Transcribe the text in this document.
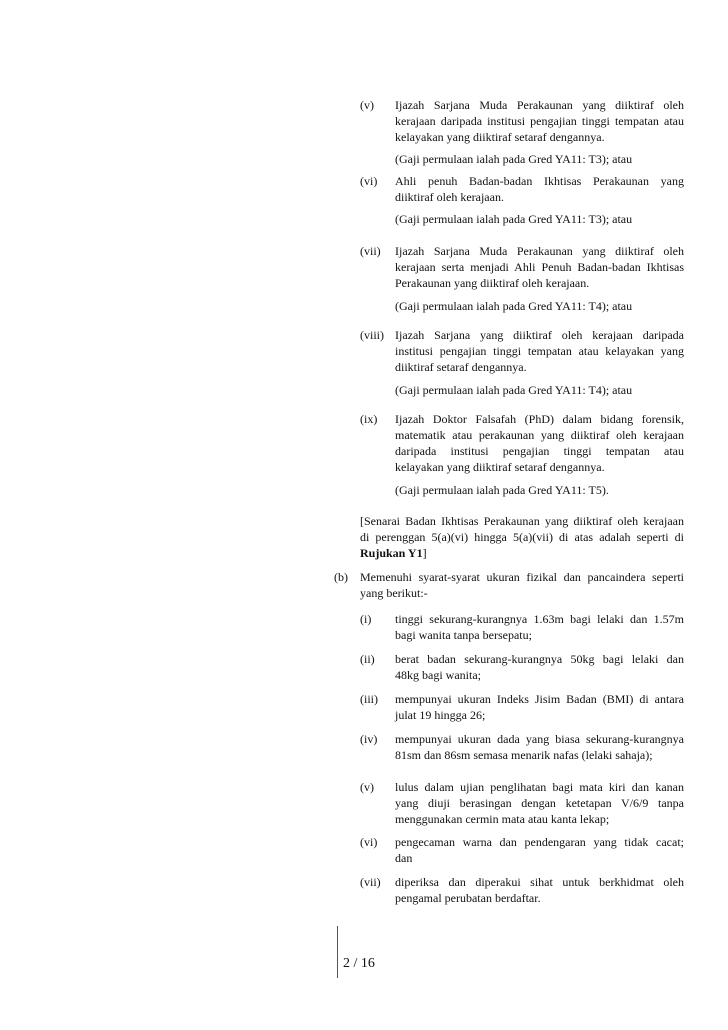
(v) Ijazah Sarjana Muda Perakaunan yang diiktiraf oleh
kerajaan daripada institusi pengajian tinggi tempatan atau
kelayakan yang diiktiraf setaraf dengannya.
(Gaji permulaan ialah pada Gred YA11: T3); atau
(vi) Ahli penuh Badan-badan Ikhtisas Perakaunan yang
diiktiraf oleh kerajaan.
(Gaji permulaan ialah pada Gred YA11: T3); atau
(vii) Ijazah Sarjana Muda Perakaunan yang diiktiraf oleh
kerajaan serta menjadi Ahli Penuh Badan-badan Ikhtisas
Perakaunan yang diiktiraf oleh kerajaan.
(Gaji permulaan ialah pada Gred YA11: T4); atau
(viii) Ijazah Sarjana yang diiktiraf oleh kerajaan daripada
institusi pengajian tinggi tempatan atau kelayakan yang
diiktiraf setaraf dengannya.
(Gaji permulaan ialah pada Gred YA11: T4); atau
(ix) Ijazah Doktor Falsafah (PhD) dalam bidang forensik,
matematik atau perakaunan yang diiktiraf oleh kerajaan
daripada institusi pengajian tinggi tempatan atau
kelayakan yang diiktiraf setaraf dengannya.
(Gaji permulaan ialah pada Gred YA11: T5).
[Senarai Badan Ikhtisas Perakaunan yang diiktiraf oleh kerajaan
di perenggan 5(a)(vi) hingga 5(a)(vii) di atas adalah seperti di
Rujukan Y1]
(b) Memenuhi syarat-syarat ukuran fizikal dan pancaindera seperti
yang berikut:-
(i) tinggi sekurang-kurangnya 1.63m bagi lelaki dan 1.57m
bagi wanita tanpa bersepatu;
(ii) berat badan sekurang-kurangnya 50kg bagi lelaki dan
48kg bagi wanita;
(iii) mempunyai ukuran Indeks Jisim Badan (BMI) di antara
julat 19 hingga 26;
(iv) mempunyai ukuran dada yang biasa sekurang-kurangnya
81sm dan 86sm semasa menarik nafas (lelaki sahaja);
(v) lulus dalam ujian penglihatan bagi mata kiri dan kanan
yang diuji berasingan dengan ketetapan V/6/9 tanpa
menggunakan cermin mata atau kanta lekap;
(vi) pengecaman warna dan pendengaran yang tidak cacat;
dan
(vii) diperiksa dan diperakui sihat untuk berkhidmat oleh
pengamal perubatan berdaftar.
2 / 16
